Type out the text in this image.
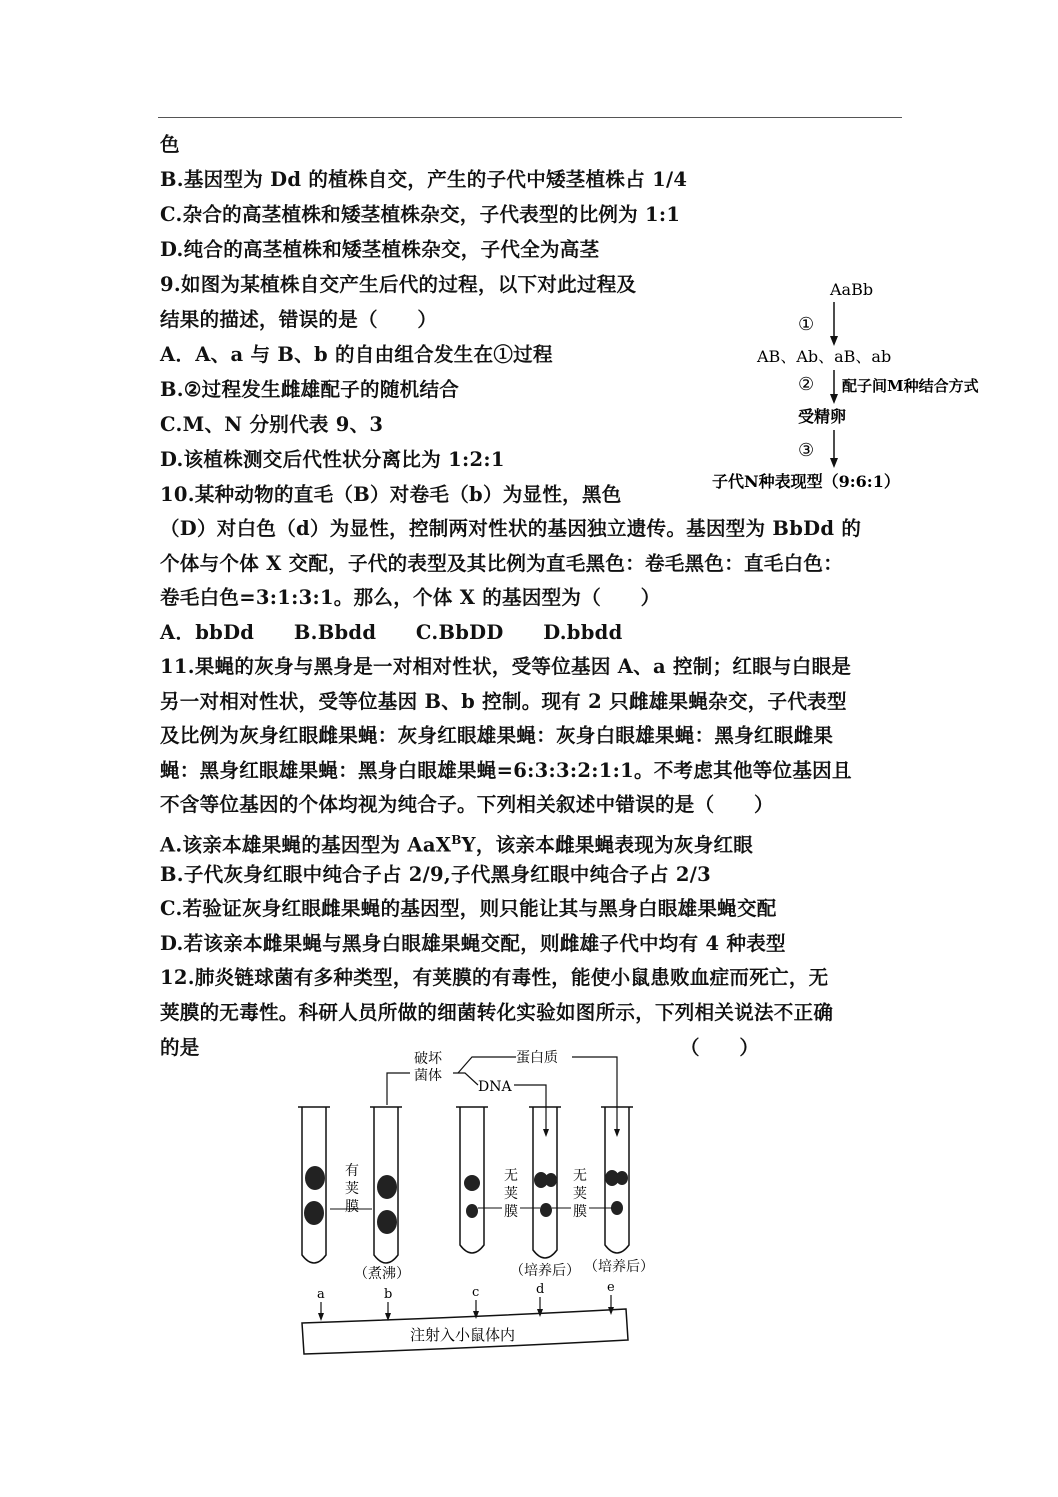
色
B.基因型为 Dd 的植株自交，产生的子代中矮茎植株占 1/4
C.杂合的高茎植株和矮茎植株杂交，子代表型的比例为 1:1
D.纯合的高茎植株和矮茎植株杂交，子代全为高茎
9.如图为某植株自交产生后代的过程，以下对此过程及
结果的描述，错误的是（　　）
A．A、a 与 B、b 的自由组合发生在①过程
B.②过程发生雌雄配子的随机结合
C.M、N 分别代表 9、3
D.该植株测交后代性状分离比为 1:2:1
10.某种动物的直毛（B）对卷毛（b）为显性，黑色
（D）对白色（d）为显性，控制两对性状的基因独立遗传。基因型为 BbDd 的
个体与个体 X 交配，子代的表型及其比例为直毛黑色：卷毛黑色：直毛白色：
卷毛白色=3:1:3:1。那么，个体 X 的基因型为（　　）
A．bbDd　　B.Bbdd　　C.BbDD　　D.bbdd
11.果蝇的灰身与黑身是一对相对性状，受等位基因 A、a 控制；红眼与白眼是
另一对相对性状，受等位基因 B、b 控制。现有 2 只雌雄果蝇杂交，子代表型
及比例为灰身红眼雌果蝇：灰身红眼雄果蝇：灰身白眼雄果蝇：黑身红眼雌果
蝇：黑身红眼雄果蝇：黑身白眼雄果蝇=6:3:3:2:1:1。不考虑其他等位基因且
不含等位基因的个体均视为纯合子。下列相关叙述中错误的是（　　）
A.该亲本雄果蝇的基因型为 AaX$^B$Y，该亲本雌果蝇表现为灰身红眼
B.子代灰身红眼中纯合子占 2/9,子代黑身红眼中纯合子占 2/3
C.若验证灰身红眼雌果蝇的基因型，则只能让其与黑身白眼雄果蝇交配
D.若该亲本雌果蝇与黑身白眼雄果蝇交配，则雌雄子代中均有 4 种表型
12.肺炎链球菌有多种类型，有荚膜的有毒性，能使小鼠患败血症而死亡，无
荚膜的无毒性。科研人员所做的细菌转化实验如图所示，下列相关说法不正确
的是	（　　）
AaBb
①
AB、Ab、aB、ab
② 配子间M种结合方式
受精卵
③
子代N种表现型（9:6:1）
破坏
菌体
蛋白质
DNA
有
荚
膜
无
荚
膜
无
荚
膜
（煮沸）	（培养后） （培养后）
a	b	c	d	e
注射入小鼠体内
